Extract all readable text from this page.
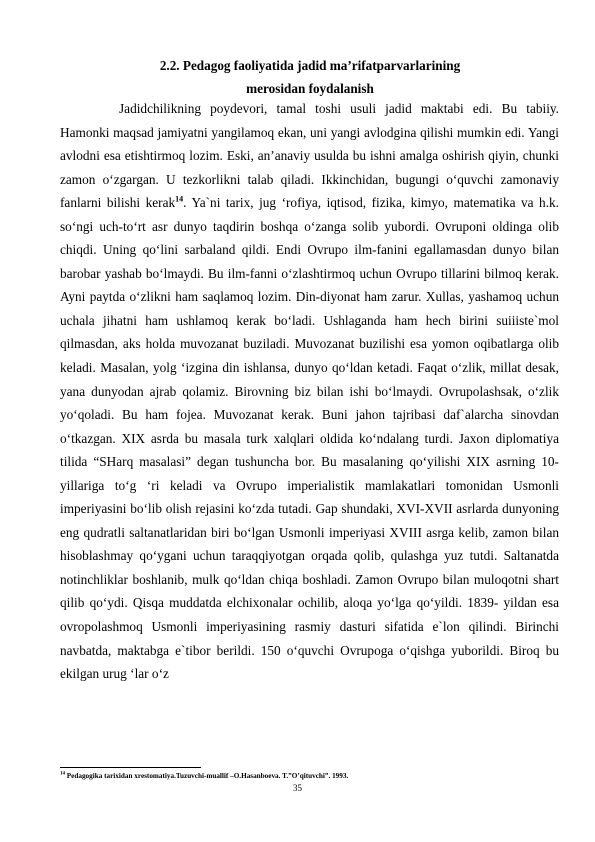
2.2. Pedagog faoliyatida jadid ma’rifatparvarlarining
merosidan foydalanish

Jadidchilikning poydevori, tamal toshi usuli jadid maktabi edi. Bu tabiiy. Hamonki maqsad jamiyatni yangilamoq ekan, uni yangi avlodgina qilishi mumkin edi. Yangi avlodni esa etishtirmoq lozim. Eski, an’anaviy usulda bu ishni amalga oshirish qiyin, chunki zamon o‘zgargan. U tezkorlikni talab qiladi. Ikkinchidan, bugungi o‘quvchi zamonaviy fanlarni bilishi kerak$^{14}$. Ya`ni tarix, jug ‘rofiya, iqtisod, fizika, kimyo, matematika va h.k. so‘ngi uch-to‘rt asr dunyo taqdirin boshqa o‘zanga solib yubordi. Ovruponi oldinga olib chiqdi. Uning qo‘lini sarbaland qildi. Endi Ovrupo ilm-fanini egallamasdan dunyo bilan barobar yashab bo‘lmaydi. Bu ilm-fanni o‘zlashtirmoq uchun Ovrupo tillarini bilmoq kerak. Ayni paytda o‘zlikni ham saqlamoq lozim. Din-diyonat ham zarur. Xullas, yashamoq uchun uchala jihatni ham ushlamoq kerak bo‘ladi. Ushlaganda ham hech birini suiiiste`mol qilmasdan, aks holda muvozanat buziladi. Muvozanat buzilishi esa yomon oqibatlarga olib keladi. Masalan, yolg ‘izgina din ishlansa, dunyo qo‘ldan ketadi. Faqat o‘zlik, millat desak, yana dunyodan ajrab qolamiz. Birovning biz bilan ishi bo‘lmaydi. Ovrupolashsak, o‘zlik yo‘qoladi. Bu ham fojea. Muvozanat kerak. Buni jahon tajribasi daf`alarcha sinovdan o‘tkazgan. XIX asrda bu masala turk xalqlari oldida ko‘ndalang turdi. Jaxon diplomatiya tilida “SHarq masalasi” degan tushuncha bor. Bu masalaning qo‘yilishi XIX asrning 10-yillariga to‘g ‘ri keladi va Ovrupo imperialistik mamlakatlari tomonidan Usmonli imperiyasini bo‘lib olish rejasini ko‘zda tutadi. Gap shundaki, XVI-XVII asrlarda dunyoning eng qudratli saltanatlaridan biri bo‘lgan Usmonli imperiyasi XVIII asrga kelib, zamon bilan hisoblashmay qo‘ygani uchun taraqqiyotgan orqada qolib, qulashga yuz tutdi. Saltanatda notinchliklar boshlanib, mulk qo‘ldan chiqa boshladi. Zamon Ovrupo bilan muloqotni shart qilib qo‘ydi. Qisqa muddatda elchixonalar ochilib, aloqa yo‘lga qo‘yildi. 1839- yildan esa ovropolashmoq Usmonli imperiyasining rasmiy dasturi sifatida e`lon qilindi. Birinchi navbatda, maktabga e`tibor berildi. 150 o‘quvchi Ovrupoga o‘qishga yuborildi. Biroq bu ekilgan urug ‘lar o‘z

$^{14}$ Pedagogika tarixidan xrestomatiya.Tuzuvchi-muallif –O.Hasanboeva. T.”O’qituvchi”. 1993.
35
